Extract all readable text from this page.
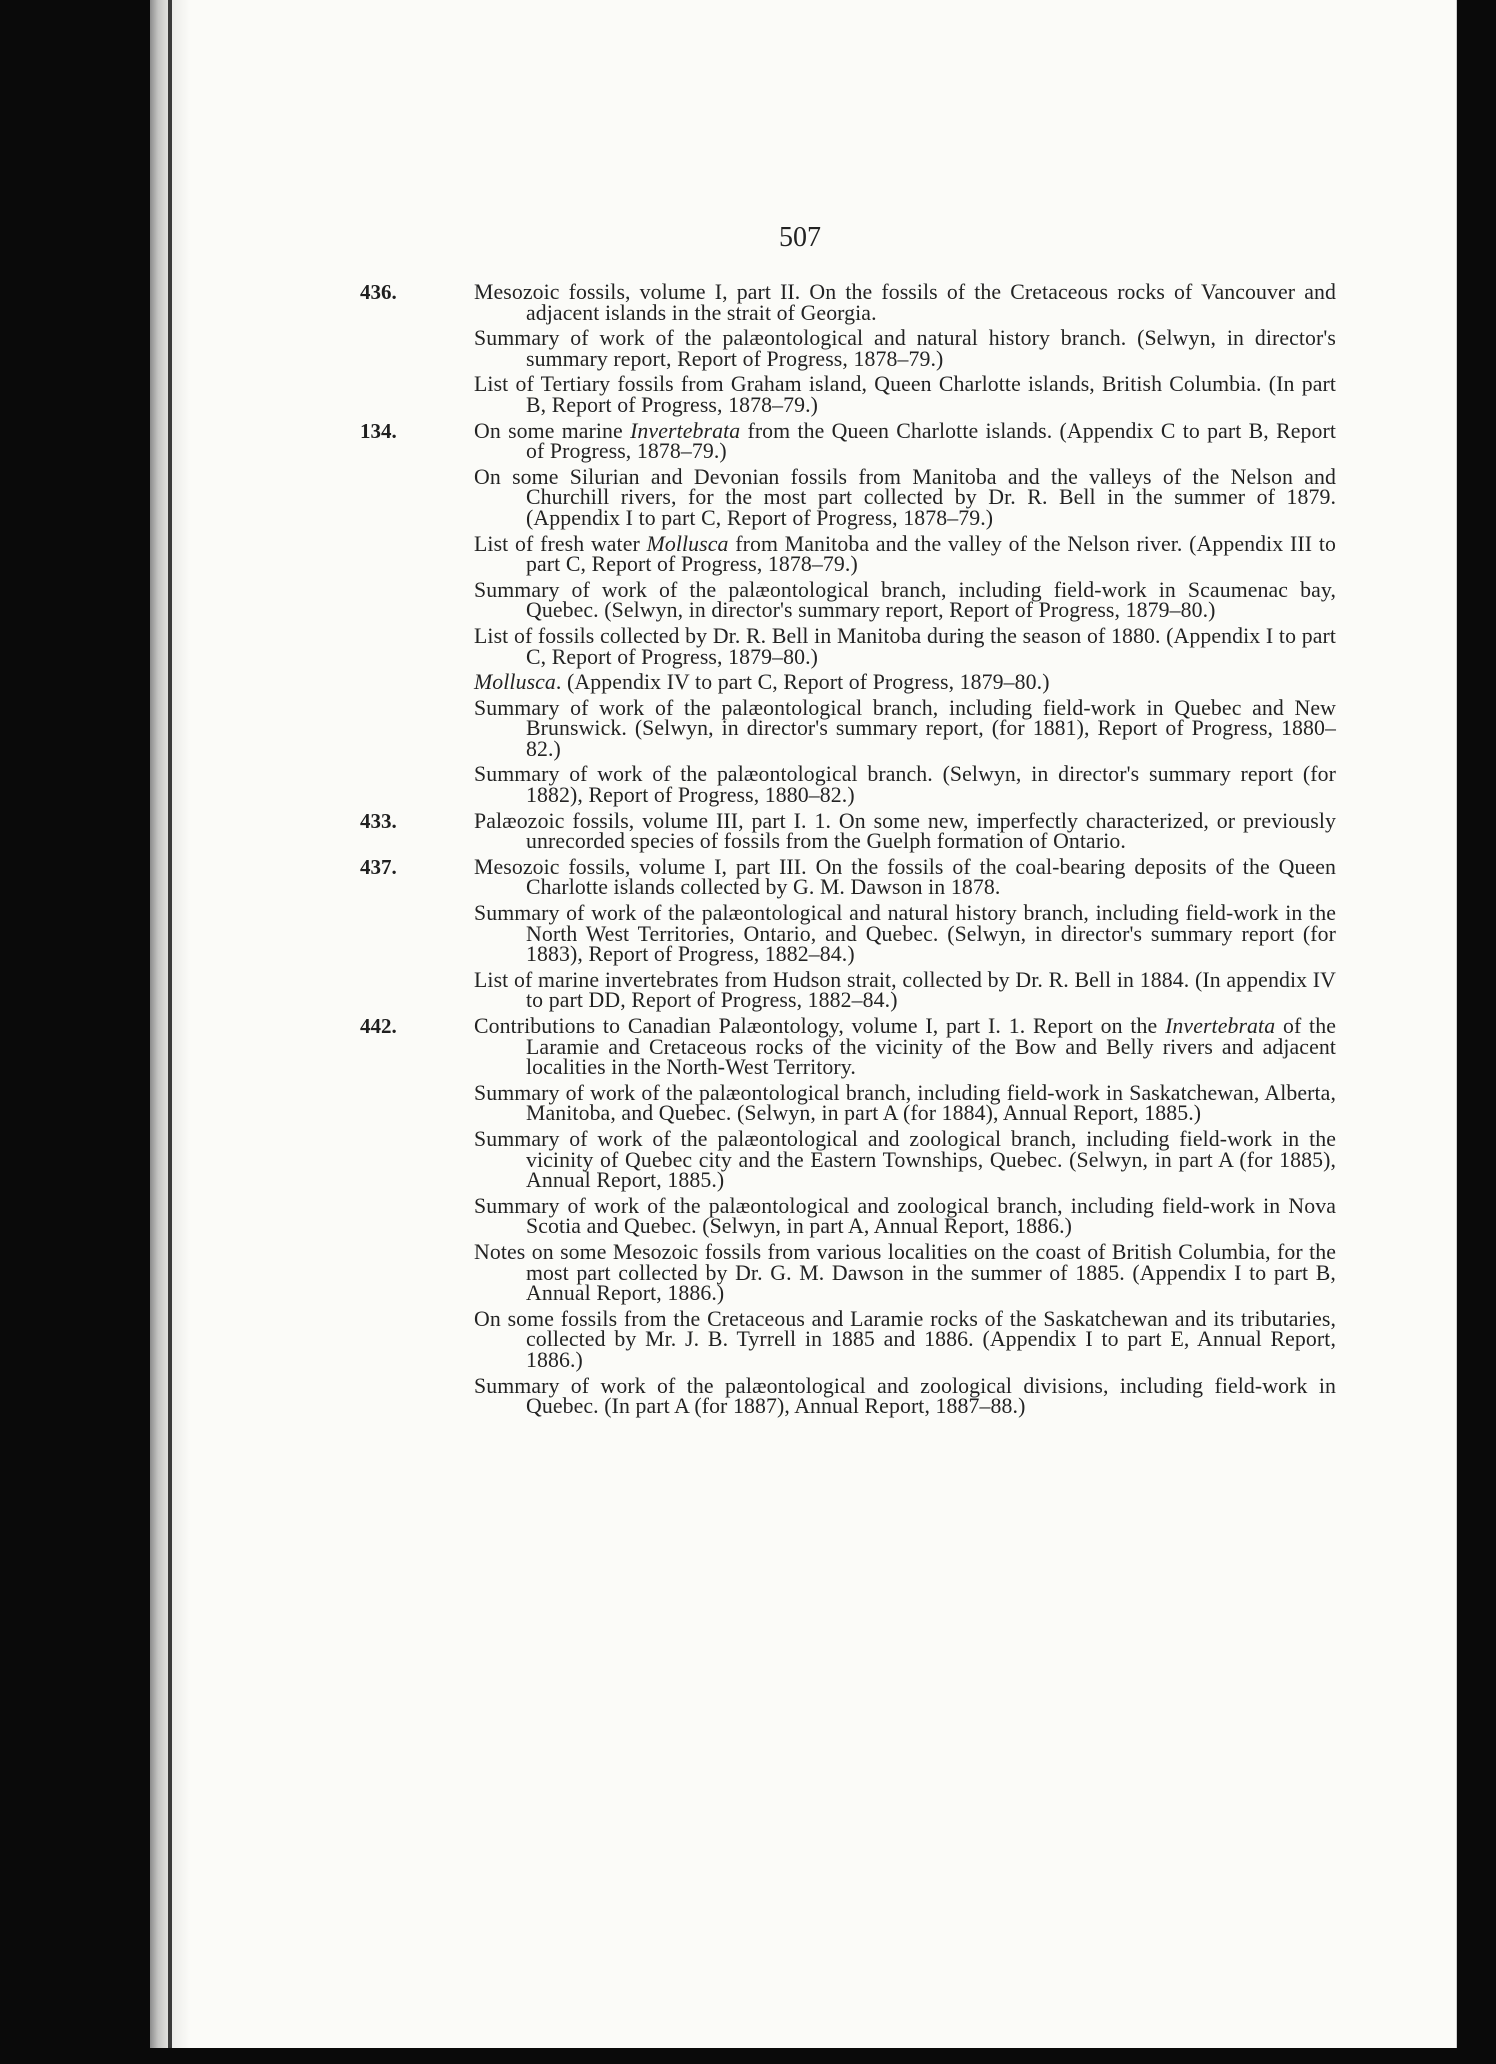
507
436.	Mesozoic fossils, volume I, part II. On the fossils of the Cretaceous rocks of Vancouver and adjacent islands in the strait of Georgia.
Summary of work of the palæontological and natural history branch. (Selwyn, in director's summary report, Report of Progress, 1878–79.)
List of Tertiary fossils from Graham island, Queen Charlotte islands, British Columbia. (In part B, Report of Progress, 1878–79.)
134.	On some marine Invertebrata from the Queen Charlotte islands. (Appendix C to part B, Report of Progress, 1878–79.)
On some Silurian and Devonian fossils from Manitoba and the valleys of the Nelson and Churchill rivers, for the most part collected by Dr. R. Bell in the summer of 1879. (Appendix I to part C, Report of Progress, 1878–79.)
List of fresh water Mollusca from Manitoba and the valley of the Nelson river. (Appendix III to part C, Report of Progress, 1878–79.)
Summary of work of the palæontological branch, including field-work in Scaumenac bay, Quebec. (Selwyn, in director's summary report, Report of Progress, 1879–80.)
List of fossils collected by Dr. R. Bell in Manitoba during the season of 1880. (Appendix I to part C, Report of Progress, 1879–80.)
Mollusca. (Appendix IV to part C, Report of Progress, 1879–80.)
Summary of work of the palæontological branch, including field-work in Quebec and New Brunswick. (Selwyn, in director's summary report, (for 1881), Report of Progress, 1880–82.)
Summary of work of the palæontological branch. (Selwyn, in director's summary report (for 1882), Report of Progress, 1880–82.)
433.	Palæozoic fossils, volume III, part I. 1. On some new, imperfectly characterized, or previously unrecorded species of fossils from the Guelph formation of Ontario.
437.	Mesozoic fossils, volume I, part III. On the fossils of the coal-bearing deposits of the Queen Charlotte islands collected by G. M. Dawson in 1878.
Summary of work of the palæontological and natural history branch, including field-work in the North West Territories, Ontario, and Quebec. (Selwyn, in director's summary report (for 1883), Report of Progress, 1882–84.)
List of marine invertebrates from Hudson strait, collected by Dr. R. Bell in 1884. (In appendix IV to part DD, Report of Progress, 1882–84.)
442.	Contributions to Canadian Palæontology, volume I, part I. 1. Report on the Invertebrata of the Laramie and Cretaceous rocks of the vicinity of the Bow and Belly rivers and adjacent localities in the North-West Territory.
Summary of work of the palæontological branch, including field-work in Saskatchewan, Alberta, Manitoba, and Quebec. (Selwyn, in part A (for 1884), Annual Report, 1885.)
Summary of work of the palæontological and zoological branch, including field-work in the vicinity of Quebec city and the Eastern Townships, Quebec. (Selwyn, in part A (for 1885), Annual Report, 1885.)
Summary of work of the palæontological and zoological branch, including field-work in Nova Scotia and Quebec. (Selwyn, in part A, Annual Report, 1886.)
Notes on some Mesozoic fossils from various localities on the coast of British Columbia, for the most part collected by Dr. G. M. Dawson in the summer of 1885. (Appendix I to part B, Annual Report, 1886.)
On some fossils from the Cretaceous and Laramie rocks of the Saskatchewan and its tributaries, collected by Mr. J. B. Tyrrell in 1885 and 1886. (Appendix I to part E, Annual Report, 1886.)
Summary of work of the palæontological and zoological divisions, including field-work in Quebec. (In part A (for 1887), Annual Report, 1887–88.)
